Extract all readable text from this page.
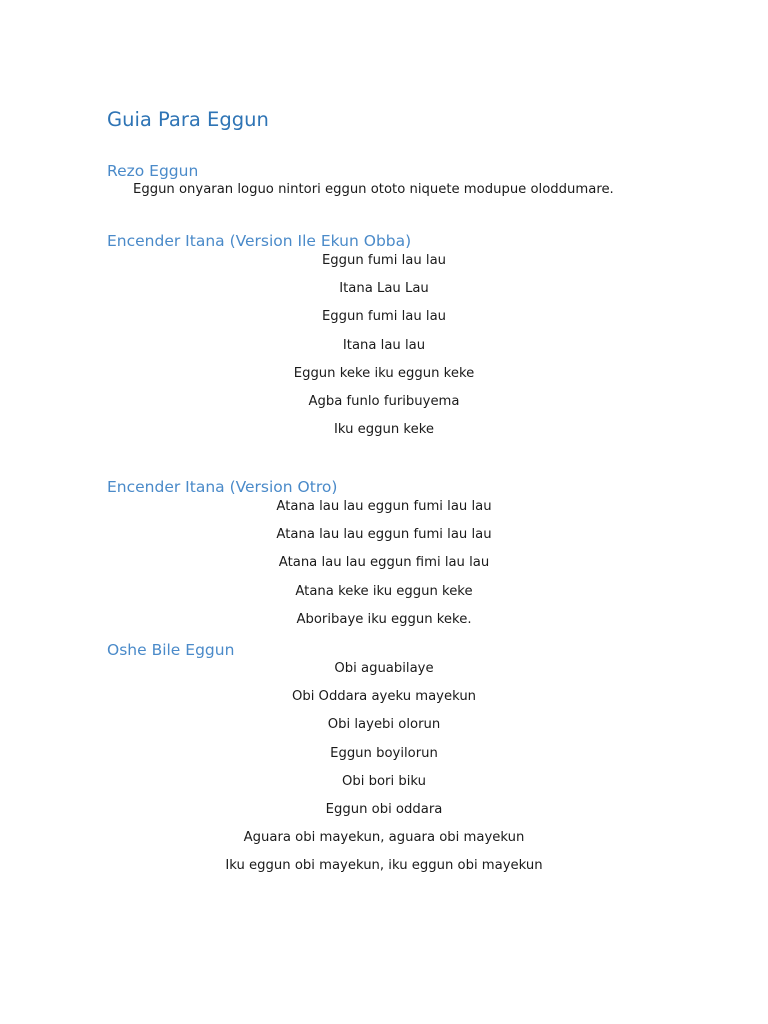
Guia Para Eggun
Rezo Eggun

Eggun onyaran loguo nintori eggun ototo niquete modupue oloddumare.

Encender Itana (Version Ile Ekun Obba)
Eggun fumi lau lau
Itana Lau Lau
Eggun fumi lau lau
Itana lau lau
Eggun keke iku eggun keke
Agba funlo furibuyema
Iku eggun keke
Encender Itana (Version Otro)
Atana lau lau eggun fumi lau lau
Atana lau lau eggun fumi lau lau
Atana lau lau eggun fimi lau lau
Atana keke iku eggun keke
Aboribaye iku eggun keke.
Oshe Bile Eggun
Obi aguabilaye
Obi Oddara ayeku mayekun
Obi layebi olorun
Eggun boyilorun
Obi bori biku
Eggun obi oddara
Aguara obi mayekun, aguara obi mayekun
Iku eggun obi mayekun, iku eggun obi mayekun
